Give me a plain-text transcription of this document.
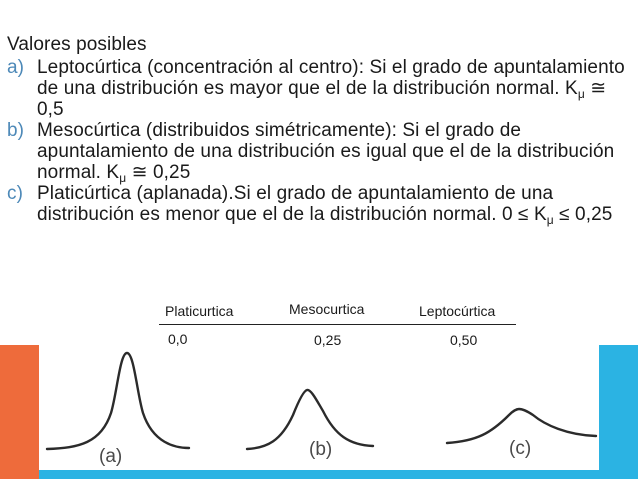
Valores posibles

a) Leptocúrtica (concentración al centro): Si el grado de apuntalamiento de una distribución es mayor que el de la distribución normal. $K_\mu$ ≅ 0,5

b) Mesocúrtica (distribuidos simétricamente): Si el grado de apuntalamiento de una distribución es igual que el de la distribución normal. $K_\mu$ ≅ 0,25

c) Platicúrtica (aplanada).Si el grado de apuntalamiento de una distribución es menor que el de la distribución normal. $0 \le K_\mu \le 0,25$

Platicurtica	Mesocurtica	Leptocúrtica
0,0	0,25	0,50
(a)	(b)	(c)
